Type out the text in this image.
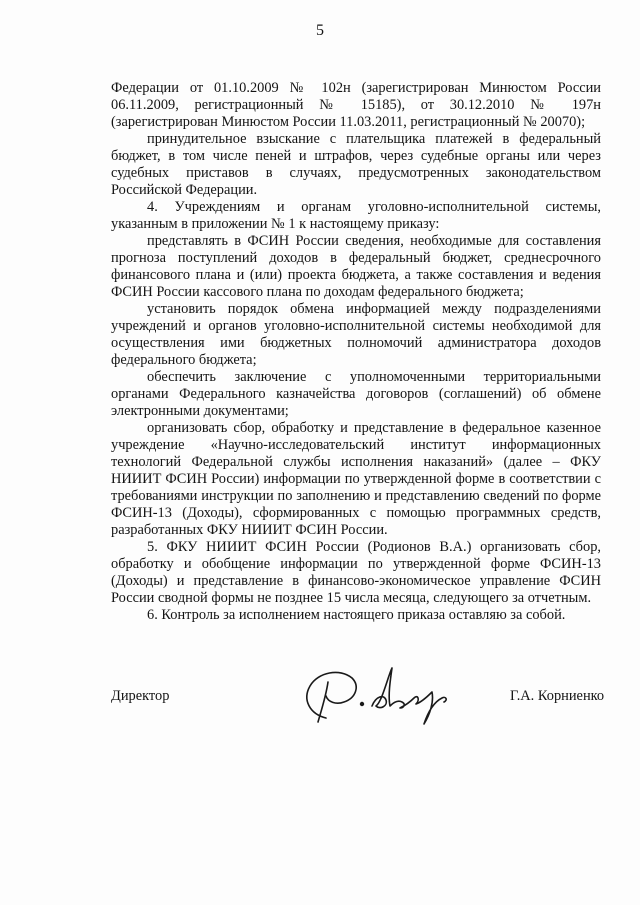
5

Федерации от 01.10.2009 № 102н (зарегистрирован Минюстом России 06.11.2009, регистрационный № 15185), от 30.12.2010 № 197н (зарегистрирован Минюстом России 11.03.2011, регистрационный № 20070);

принудительное взыскание с плательщика платежей в федеральный бюджет, в том числе пеней и штрафов, через судебные органы или через судебных приставов в случаях, предусмотренных законодательством Российской Федерации.

4. Учреждениям и органам уголовно-исполнительной системы, указанным в приложении № 1 к настоящему приказу:

представлять в ФСИН России сведения, необходимые для составления прогноза поступлений доходов в федеральный бюджет, среднесрочного финансового плана и (или) проекта бюджета, а также составления и ведения ФСИН России кассового плана по доходам федерального бюджета;

установить порядок обмена информацией между подразделениями учреждений и органов уголовно-исполнительной системы необходимой для осуществления ими бюджетных полномочий администратора доходов федерального бюджета;

обеспечить заключение с уполномоченными территориальными органами Федерального казначейства договоров (соглашений) об обмене электронными документами;

организовать сбор, обработку и представление в федеральное казенное учреждение «Научно-исследовательский институт информационных технологий Федеральной службы исполнения наказаний» (далее – ФКУ НИИИТ ФСИН России) информации по утвержденной форме в соответствии с требованиями инструкции по заполнению и представлению сведений по форме ФСИН-13 (Доходы), сформированных с помощью программных средств, разработанных ФКУ НИИИТ ФСИН России.

5. ФКУ НИИИТ ФСИН России (Родионов В.А.) организовать сбор, обработку и обобщение информации по утвержденной форме ФСИН-13 (Доходы) и представление в финансово-экономическое управление ФСИН России сводной формы не позднее 15 числа месяца, следующего за отчетным.

6. Контроль за исполнением настоящего приказа оставляю за собой.

Директор	Г.А. Корниенко
